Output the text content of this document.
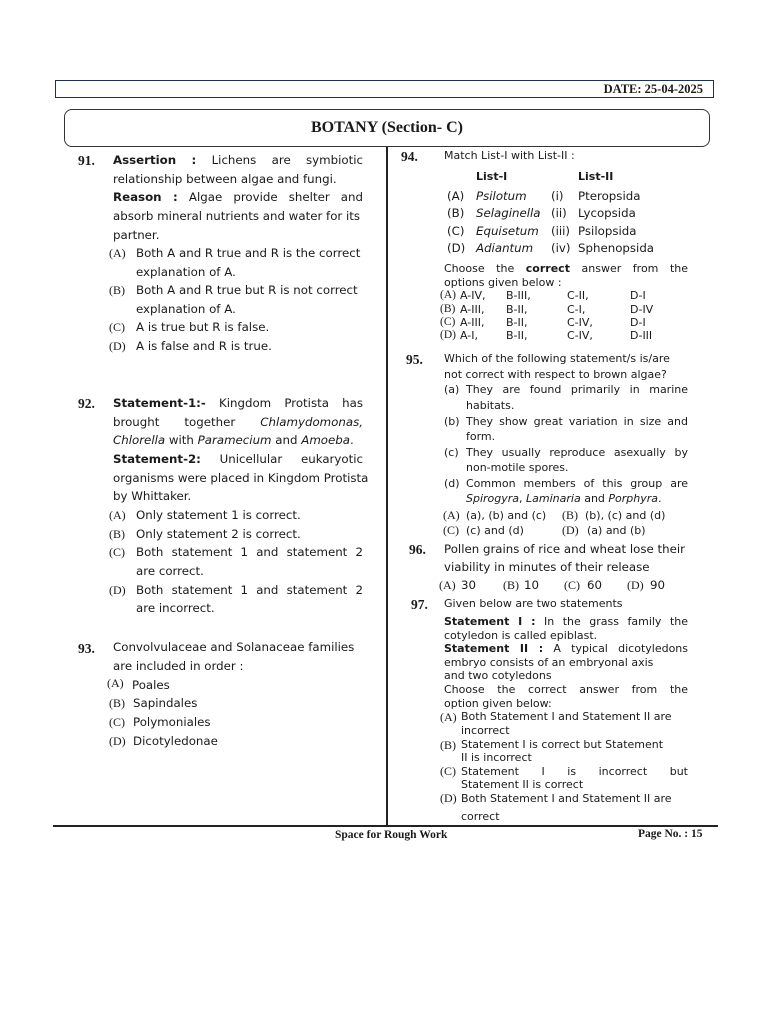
DATE: 25-04-2025
BOTANY (Section- C)
91. Assertion : Lichens are symbiotic
relationship between algae and fungi.
Reason : Algae provide shelter and
absorb mineral nutrients and water for its
partner.
(A) Both A and R true and R is the correct
explanation of A.
(B) Both A and R true but R is not correct
explanation of A.
(C) A is true but R is false.
(D) A is false and R is true.
92. Statement-1:- Kingdom Protista has
brought together Chlamydomonas,
Chlorella with Paramecium and Amoeba.
Statement-2: Unicellular eukaryotic
organisms were placed in Kingdom Protista
by Whittaker.
(A) Only statement 1 is correct.
(B) Only statement 2 is correct.
(C) Both statement 1 and statement 2
are correct.
(D) Both statement 1 and statement 2
are incorrect.
93. Convolvulaceae and Solanaceae families
are included in order :
(A) Poales
(B) Sapindales
(C) Polymoniales
(D) Dicotyledonae
94. Match List-I with List-II :
List-I	List-II
(A) Psilotum (i) Pteropsida
(B) Selaginella (ii) Lycopsida
(C) Equisetum (iii) Psilopsida
(D) Adiantum (iv) Sphenopsida
Choose the correct answer from the
options given below :
(A) A-IV, B-III,	C-II,	D-I
(B) A-III, B-II,	C-I,	D-IV
(C) A-III, B-II,	C-IV,	D-I
(D) A-I,	B-II,	C-IV,	D-III
95. Which of the following statement/s is/are
not correct with respect to brown algae?
(a) They are found primarily in marine
habitats.
(b) They show great variation in size and
form.
(c) They usually reproduce asexually by
non-motile spores.
(d) Common members of this group are
Spirogyra, Laminaria and Porphyra.
(A) (a), (b) and (c) (B) (b), (c) and (d)
(C) (c) and (d)	(D) (a) and (b)
96. Pollen grains of rice and wheat lose their
viability in minutes of their release
(A) 30 (B) 10 (C) 60 (D) 90
97. Given below are two statements
Statement I : In the grass family the
cotyledon is called epiblast.
Statement II : A typical dicotyledons
embryo consists of an embryonal axis
and two cotyledons
Choose the correct answer from the
option given below:
(A) Both Statement I and Statement II are
incorrect
(B) Statement I is correct but Statement
II is incorrect
(C) Statement I is incorrect but
Statement II is correct
(D) Both Statement I and Statement II are
correct
Space for Rough Work	Page No. : 15
